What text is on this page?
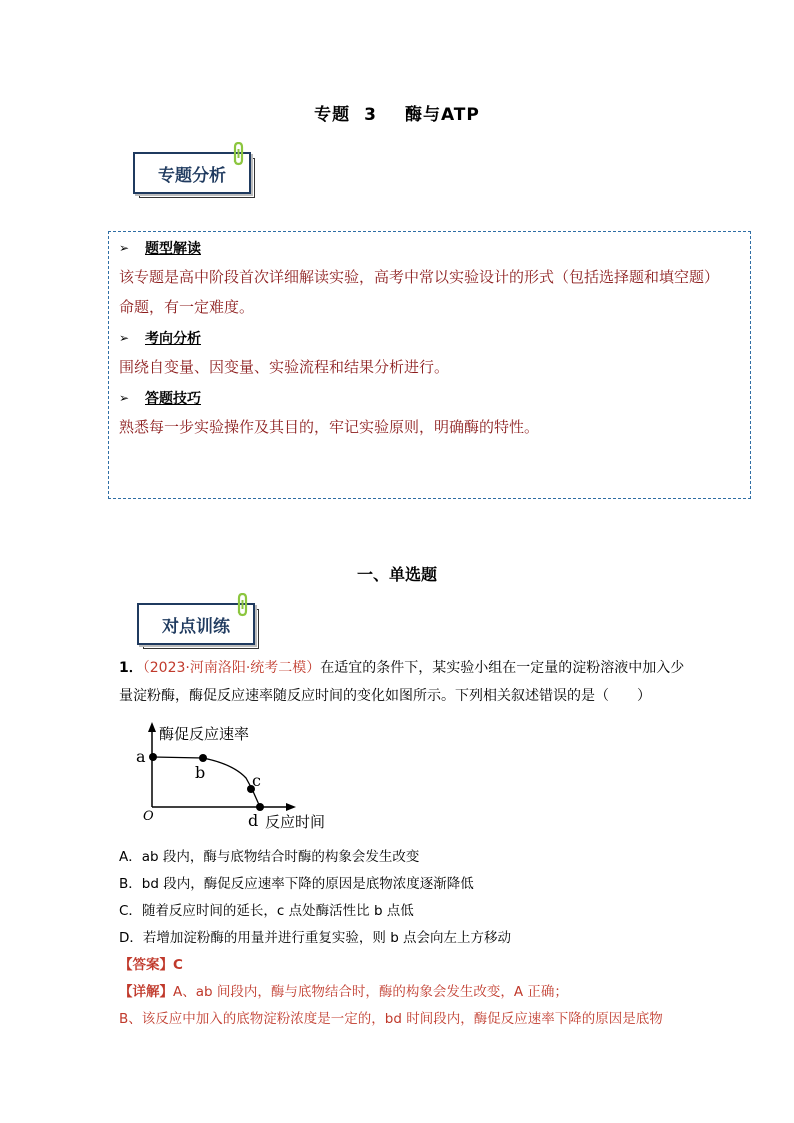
专题 3 酶与ATP
专题分析
➢	题型解读
该专题是高中阶段首次详细解读实验，高考中常以实验设计的形式（包括选择题和填空题）
命题，有一定难度。
➢	考向分析
围绕自变量、因变量、实验流程和结果分析进行。
➢	答题技巧
熟悉每一步实验操作及其目的，牢记实验原则，明确酶的特性。
一、单选题
对点训练
1．（2023·河南洛阳·统考二模）在适宜的条件下，某实验小组在一定量的淀粉溶液中加入少
量淀粉酶，酶促反应速率随反应时间的变化如图所示。下列相关叙述错误的是（　　）
酶促反应速率
反应时间
O
a
b	c
d
A．ab 段内，酶与底物结合时酶的构象会发生改变
B．bd 段内，酶促反应速率下降的原因是底物浓度逐渐降低
C．随着反应时间的延长，c 点处酶活性比 b 点低
D．若增加淀粉酶的用量并进行重复实验，则 b 点会向左上方移动
【答案】C
【详解】A、ab 间段内，酶与底物结合时，酶的构象会发生改变，A 正确；
B、该反应中加入的底物淀粉浓度是一定的，bd 时间段内，酶促反应速率下降的原因是底物
